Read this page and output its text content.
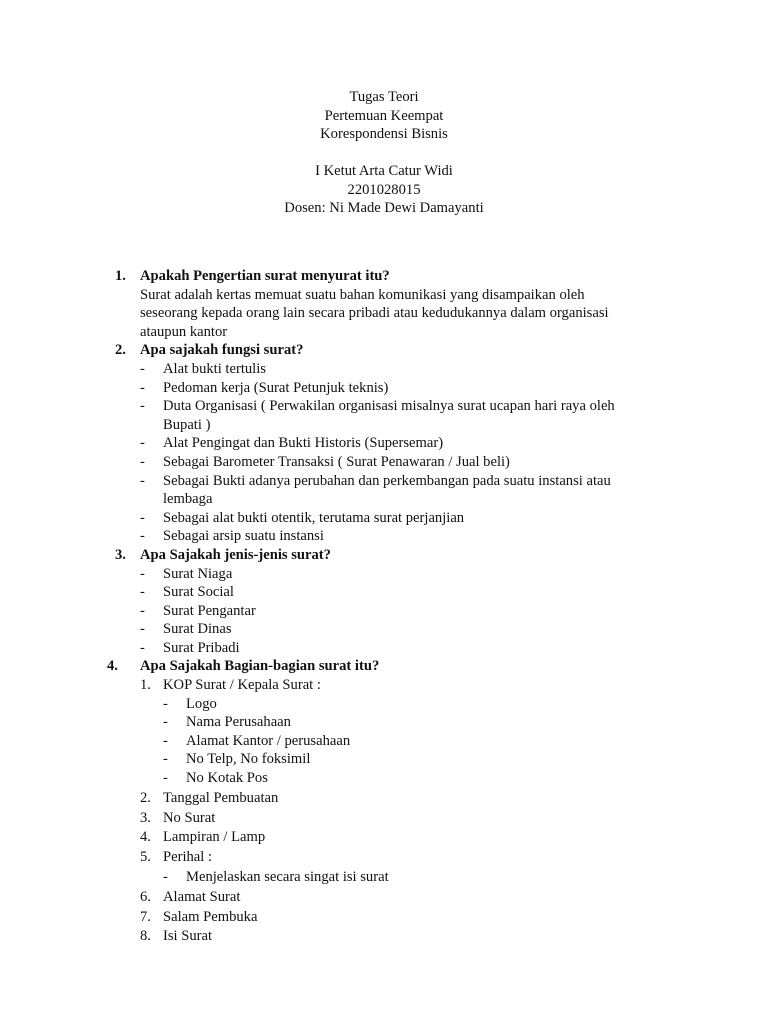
Tugas Teori
Pertemuan Keempat
Korespondensi Bisnis
I Ketut Arta Catur Widi
2201028015
Dosen: Ni Made Dewi Damayanti
1. Apakah Pengertian surat menyurat itu?
Surat adalah kertas memuat suatu bahan komunikasi yang disampaikan oleh
seseorang kepada orang lain secara pribadi atau kedudukannya dalam organisasi
ataupun kantor
2. Apa sajakah fungsi surat?
- Alat bukti tertulis
- Pedoman kerja (Surat Petunjuk teknis)
- Duta Organisasi ( Perwakilan organisasi misalnya surat ucapan hari raya oleh
Bupati )
- Alat Pengingat dan Bukti Historis (Supersemar)
- Sebagai Barometer Transaksi ( Surat Penawaran / Jual beli)
- Sebagai Bukti adanya perubahan dan perkembangan pada suatu instansi atau
lembaga
- Sebagai alat bukti otentik, terutama surat perjanjian
- Sebagai arsip suatu instansi
3. Apa Sajakah jenis-jenis surat?
- Surat Niaga
- Surat Social
- Surat Pengantar
- Surat Dinas
- Surat Pribadi
4. Apa Sajakah Bagian-bagian surat itu?
1. KOP Surat / Kepala Surat :
- Logo
- Nama Perusahaan
- Alamat Kantor / perusahaan
- No Telp, No foksimil
- No Kotak Pos
2. Tanggal Pembuatan
3. No Surat
4. Lampiran / Lamp
5. Perihal :
- Menjelaskan secara singat isi surat
6. Alamat Surat
7. Salam Pembuka
8. Isi Surat
